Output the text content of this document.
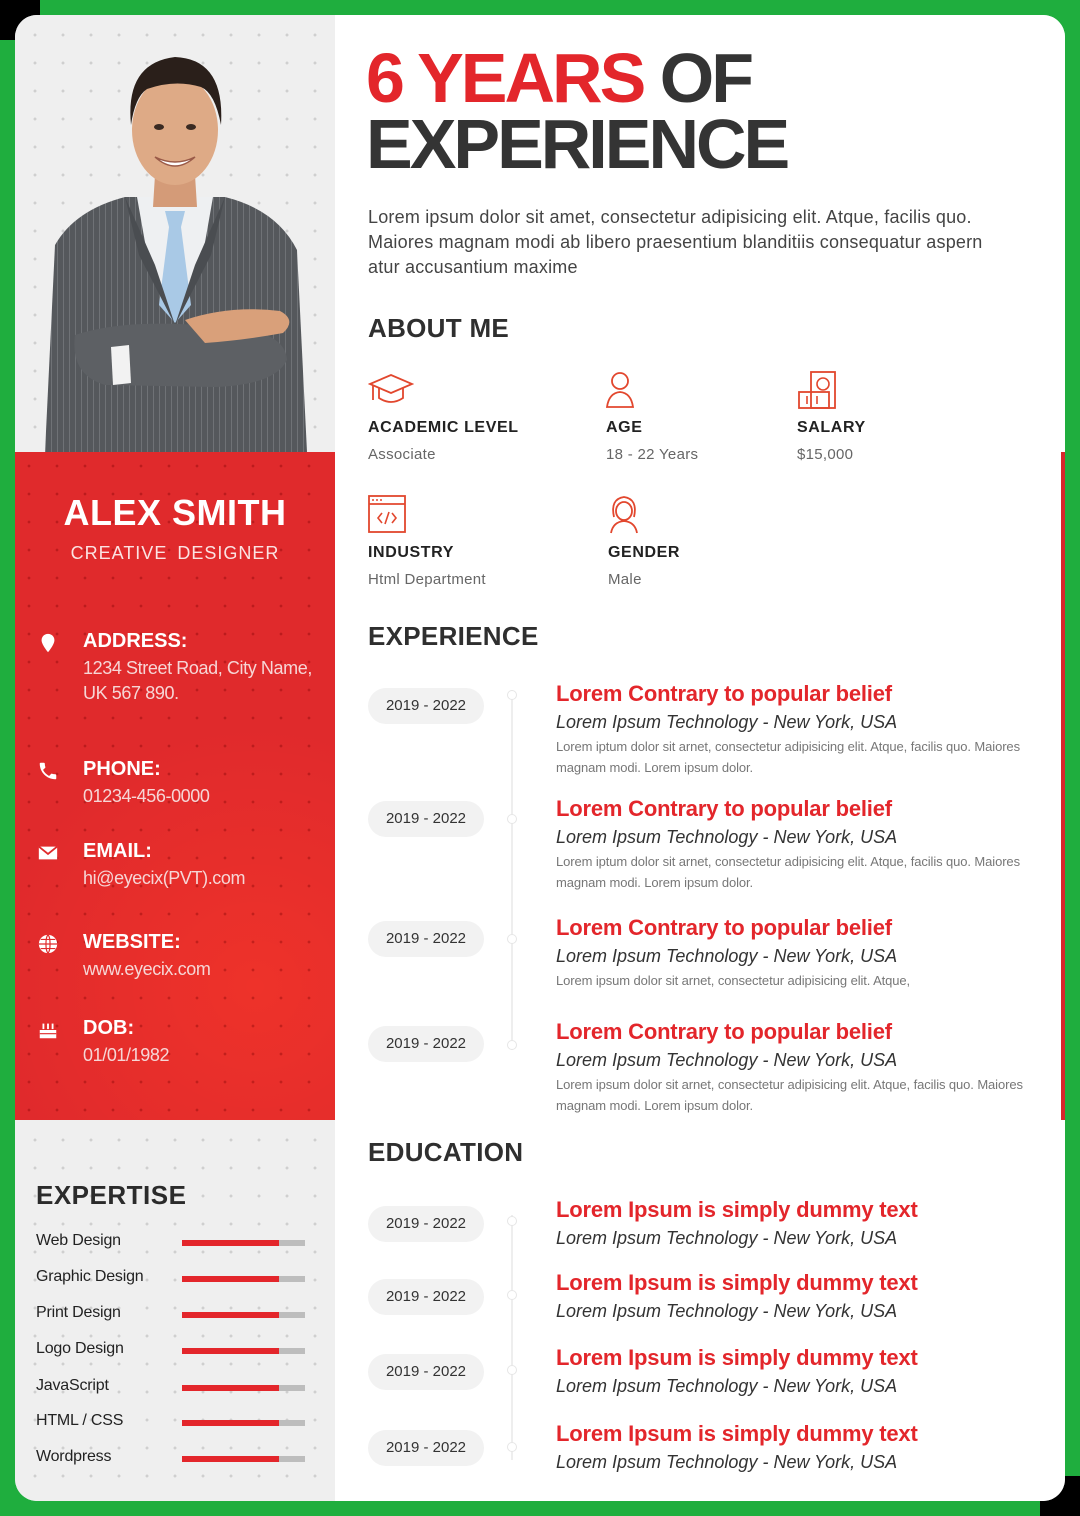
ALEX SMITH
CREATIVE DESIGNER
ADDRESS:
1234 Street Road, City Name, UK 567 890.
PHONE:
01234-456-0000
EMAIL:
hi@eyecix(PVT).com
WEBSITE:
www.eyecix.com
DOB:
01/01/1982
EXPERTISE
Web Design
Graphic Design
Print Design
Logo Design
JavaScript
HTML / CSS
Wordpress
6 YEARS OF
EXPERIENCE
Lorem ipsum dolor sit amet, consectetur adipisicing elit. Atque, facilis quo. Maiores magnam modi ab libero praesentium blanditiis consequatur aspern atur accusantium maxime
ABOUT ME
ACADEMIC LEVEL
Associate
AGE
18 - 22 Years
SALARY
$15,000
INDUSTRY
Html Department
GENDER
Male
EXPERIENCE
2019 - 2022	Lorem Contrary to popular belief
Lorem Ipsum Technology - New York, USA
Lorem iptum dolor sit arnet, consectetur adipisicing elit. Atque, facilis quo. Maiores magnam modi. Lorem ipsum dolor.
2019 - 2022	Lorem Contrary to popular belief
Lorem Ipsum Technology - New York, USA
Lorem iptum dolor sit arnet, consectetur adipisicing elit. Atque, facilis quo. Maiores magnam modi. Lorem ipsum dolor.
2019 - 2022	Lorem Contrary to popular belief
Lorem Ipsum Technology - New York, USA
Lorem ipsum dolor sit arnet, consectetur adipisicing elit. Atque,
2019 - 2022	Lorem Contrary to popular belief
Lorem Ipsum Technology - New York, USA
Lorem ipsum dolor sit arnet, consectetur adipisicing elit. Atque, facilis quo. Maiores magnam modi. Lorem ipsum dolor.
EDUCATION
2019 - 2022
Lorem Ipsum is simply dummy text
Lorem Ipsum Technology - New York, USA
2019 - 2022
Lorem Ipsum is simply dummy text
Lorem Ipsum Technology - New York, USA
2019 - 2022
Lorem Ipsum is simply dummy text
Lorem Ipsum Technology - New York, USA
2019 - 2022
Lorem Ipsum is simply dummy text
Lorem Ipsum Technology - New York, USA
